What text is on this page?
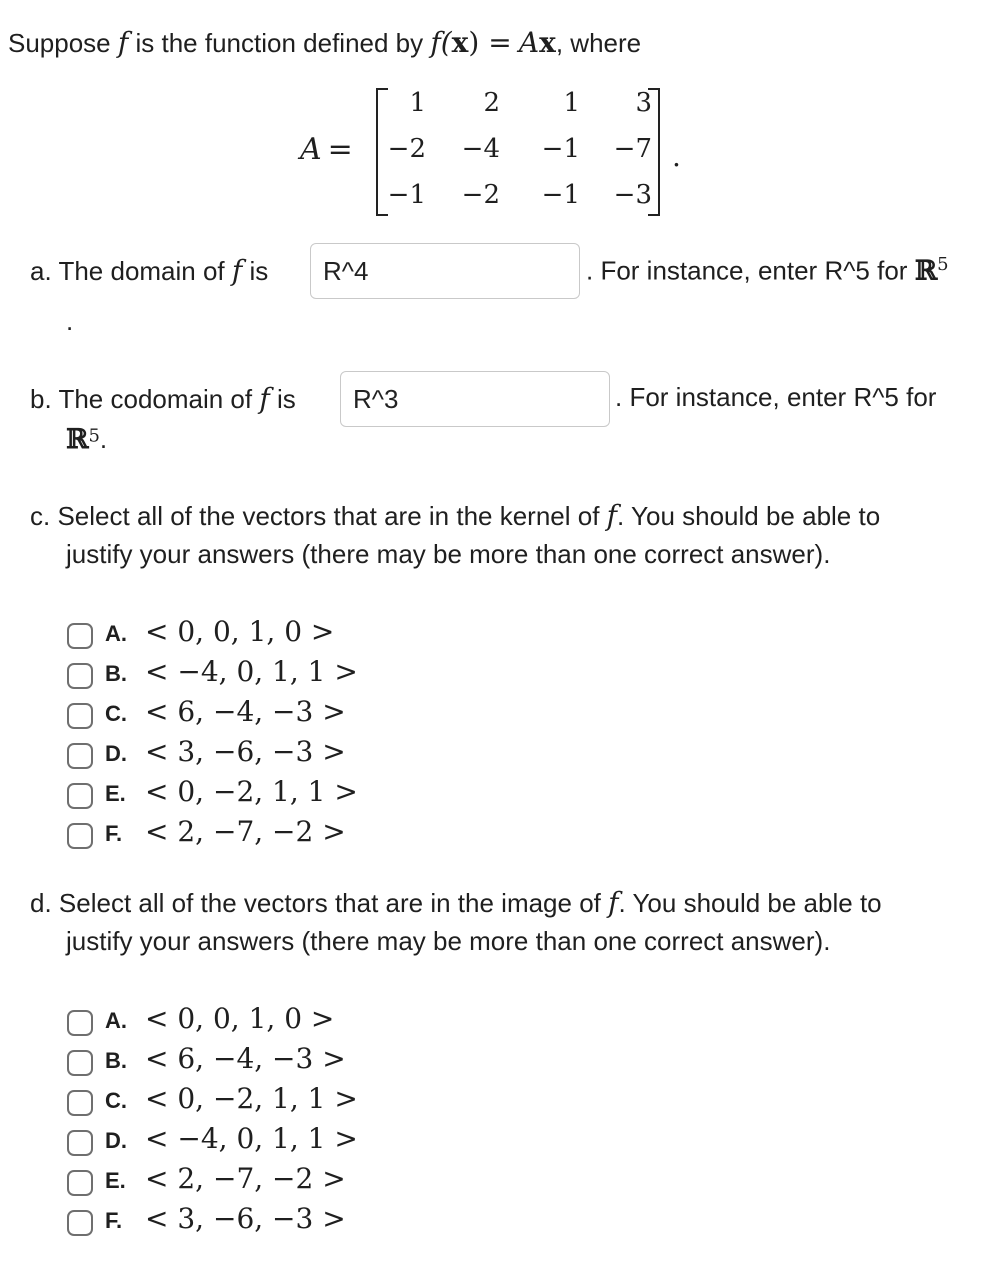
Suppose f is the function defined by f(x) = Ax, where
A =
1	2	1	3
−2	−4	−1	−7
−1	−2	−1	−3
.
a. The domain of f is	R^4	. For instance, enter R^5 for ℝ$^5$
.
b. The codomain of f is	R^3	. For instance, enter R^5 for
ℝ$^5$.
c. Select all of the vectors that are in the kernel of f. You should be able to
justify your answers (there may be more than one correct answer).
A. < 0, 0, 1, 0 >
B. < −4, 0, 1, 1 >
C. < 6, −4, −3 >
D. < 3, −6, −3 >
E. < 0, −2, 1, 1 >
F. < 2, −7, −2 >
d. Select all of the vectors that are in the image of f. You should be able to
justify your answers (there may be more than one correct answer).
A. < 0, 0, 1, 0 >
B. < 6, −4, −3 >
C. < 0, −2, 1, 1 >
D. < −4, 0, 1, 1 >
E. < 2, −7, −2 >
F. < 3, −6, −3 >
